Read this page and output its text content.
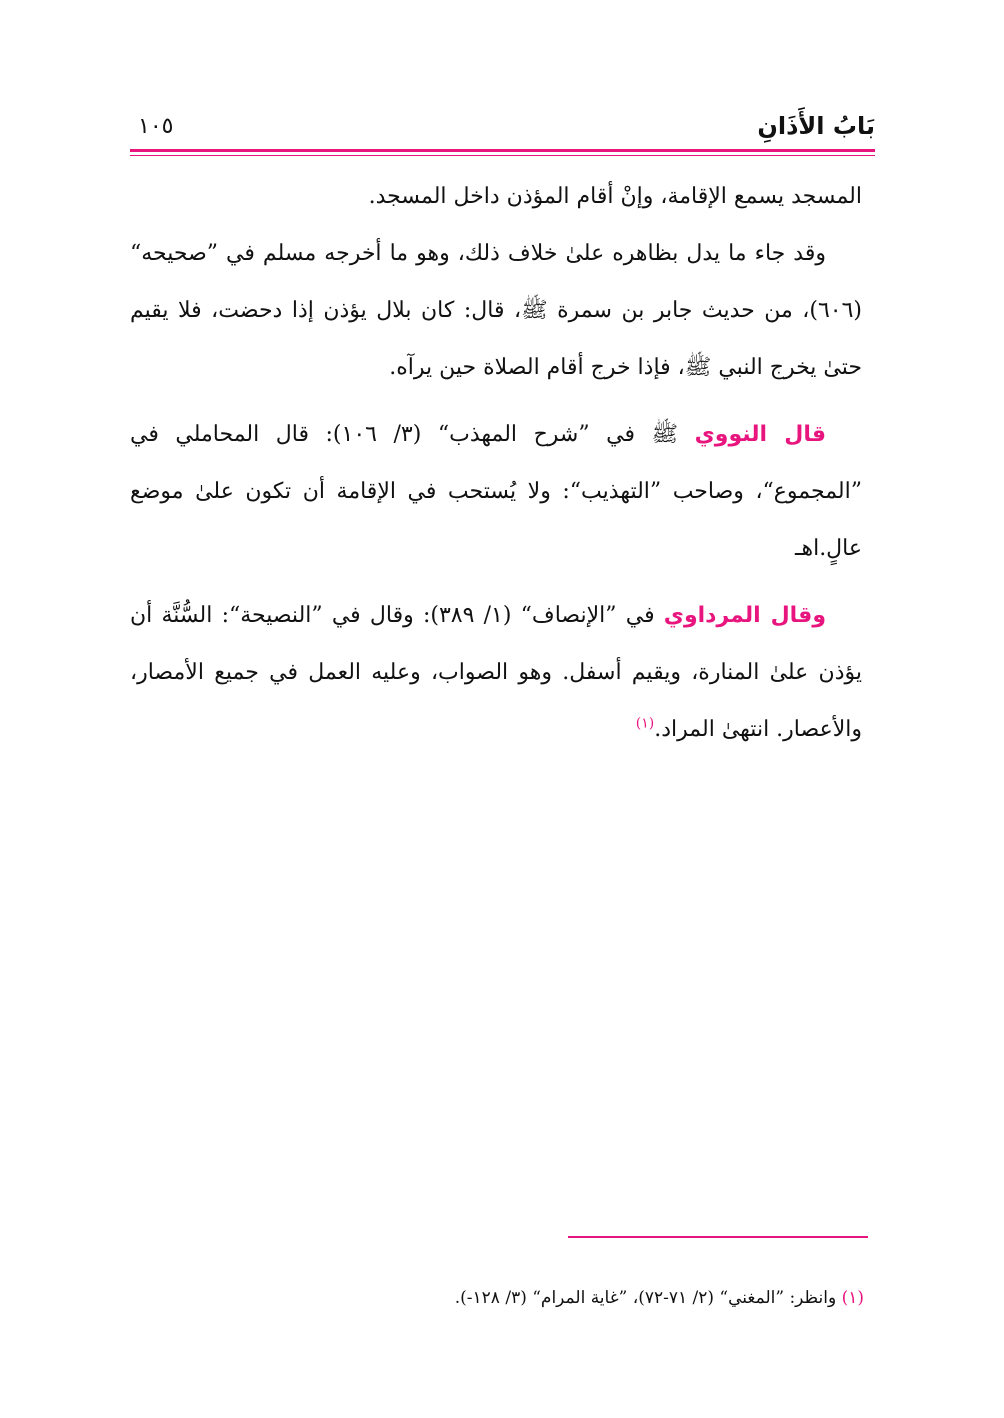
بَابُ الأَذَانِ
١٠٥

المسجد يسمع الإقامة، وإنْ أقام المؤذن داخل المسجد.

وقد جاء ما يدل بظاهره علىٰ خلاف ذلك، وهو ما أخرجه مسلم في ”صحيحه“ (٦٠٦)، من حديث جابر بن سمرة ﷺ، قال: كان بلال يؤذن إذا دحضت، فلا يقيم حتىٰ يخرج النبي ﷺ، فإذا خرج أقام الصلاة حين يرآه.

قال النووي ﷺ في ”شرح المهذب“ (٣/ ١٠٦): قال المحاملي في ”المجموع“، وصاحب ”التهذيب“: ولا يُستحب في الإقامة أن تكون علىٰ موضع عالٍ.اهـ

وقال المرداوي في ”الإنصاف“ (١/ ٣٨٩): وقال في ”النصيحة“: السُّنَّة أن يؤذن علىٰ المنارة، ويقيم أسفل. وهو الصواب، وعليه العمل في جميع الأمصار، والأعصار. انتهىٰ المراد.$^{(١)}$

(١) وانظر: ”المغني“ (٢/ ٧١-٧٢)، ”غاية المرام“ (٣/ ١٢٨-).
